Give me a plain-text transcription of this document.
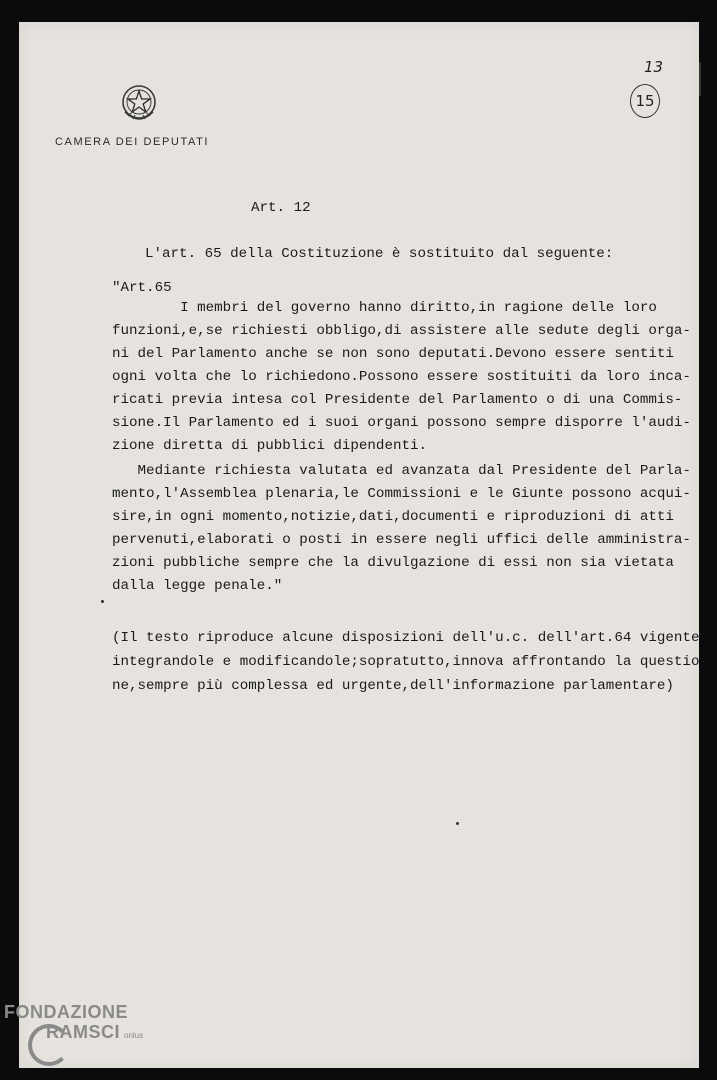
CAMERA DEI DEPUTATI
13
15
Art. 12
L'art. 65 della Costituzione è sostituito dal seguente:
"Art.65
I membri del governo hanno diritto,in ragione delle loro
funzioni,e,se richiesti obbligo,di assistere alle sedute degli orga-
ni del Parlamento anche se non sono deputati.Devono essere sentiti
ogni volta che lo richiedono.Possono essere sostituiti da loro inca-
ricati previa intesa col Presidente del Parlamento o di una Commis-
sione.Il Parlamento ed i suoi organi possono sempre disporre l'audi-
zione diretta di pubblici dipendenti.
Mediante richiesta valutata ed avanzata dal Presidente del Parla-
mento,l'Assemblea plenaria,le Commissioni e le Giunte possono acqui-
sire,in ogni momento,notizie,dati,documenti e riproduzioni di atti
pervenuti,elaborati o posti in essere negli uffici delle amministra-
zioni pubbliche sempre che la divulgazione di essi non sia vietata
dalla legge penale."
(Il testo riproduce alcune disposizioni dell'u.c. dell'art.64 vigente
integrandole e modificandole;sopratutto,innova affrontando la questio-
ne,sempre più complessa ed urgente,dell'informazione parlamentare)
FONDAZIONE
RAMSCI onlus
